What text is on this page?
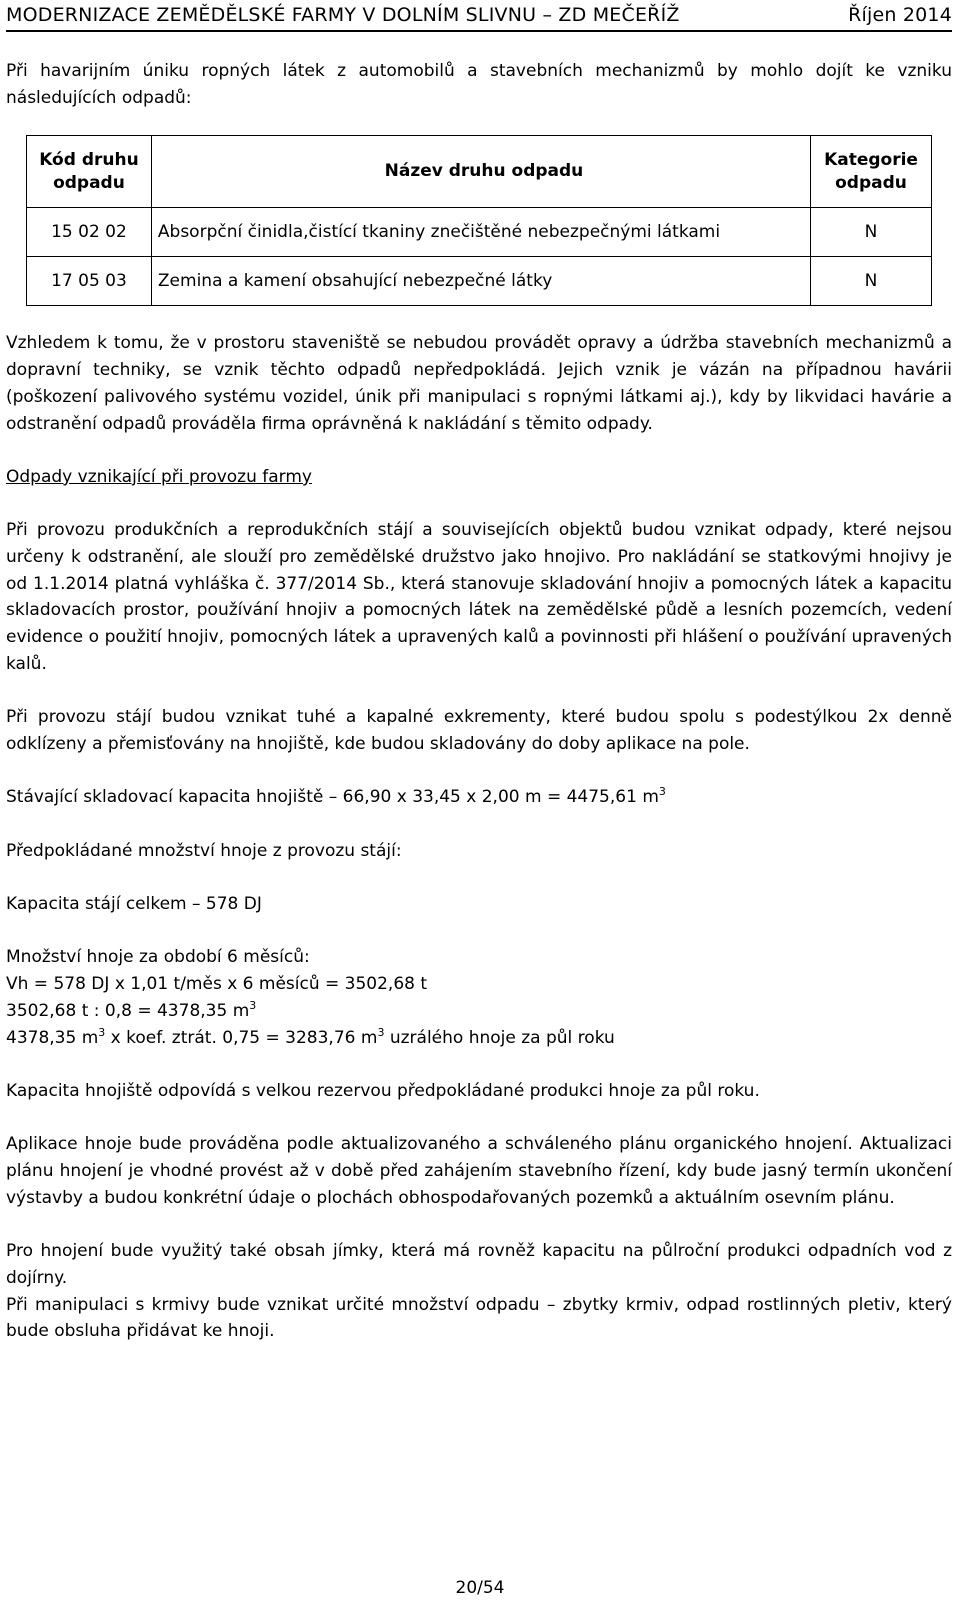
MODERNIZACE ZEMĚDĚLSKÉ FARMY V DOLNÍM SLIVNU – ZD MEČEŘÍŽ	Říjen 2014

Při havarijním úniku ropných látek z automobilů a stavebních mechanizmů by mohlo dojít ke vzniku následujících odpadů:

Kód druhu odpadu	Název druhu odpadu	Kategorie odpadu
15 02 02	Absorpční činidla,čistící tkaniny znečištěné nebezpečnými látkami	N
17 05 03	Zemina a kamení obsahující nebezpečné látky	N

Vzhledem k tomu, že v prostoru staveniště se nebudou provádět opravy a údržba stavebních mechanizmů a dopravní techniky, se vznik těchto odpadů nepředpokládá. Jejich vznik je vázán na případnou havárii (poškození palivového systému vozidel, únik při manipulaci s ropnými látkami aj.), kdy by likvidaci havárie a odstranění odpadů prováděla firma oprávněná k nakládání s těmito odpady.

Odpady vznikající při provozu farmy

Při provozu produkčních a reprodukčních stájí a souvisejících objektů budou vznikat odpady, které nejsou určeny k odstranění, ale slouží pro zemědělské družstvo jako hnojivo. Pro nakládání se statkovými hnojivy je od 1.1.2014 platná vyhláška č. 377/2014 Sb., která stanovuje skladování hnojiv a pomocných látek a kapacitu skladovacích prostor, používání hnojiv a pomocných látek na zemědělské půdě a lesních pozemcích, vedení evidence o použití hnojiv, pomocných látek a upravených kalů a povinnosti při hlášení o používání upravených kalů.

Při provozu stájí budou vznikat tuhé a kapalné exkrementy, které budou spolu s podestýlkou 2x denně odklízeny a přemisťovány na hnojiště, kde budou skladovány do doby aplikace na pole.

Stávající skladovací kapacita hnojiště – 66,90 x 33,45 x 2,00 m = 4475,61 $m^3$

Předpokládané množství hnoje z provozu stájí:

Kapacita stájí celkem – 578 DJ

Množství hnoje za období 6 měsíců:

Vh = 578 DJ x 1,01 t/měs x 6 měsíců = 3502,68 t

3502,68 t : 0,8 = 4378,35 $m^3$

4378,35 $m^3$ x koef. ztrát. 0,75 = 3283,76 $m^3$ uzrálého hnoje za půl roku

Kapacita hnojiště odpovídá s velkou rezervou předpokládané produkci hnoje za půl roku.

Aplikace hnoje bude prováděna podle aktualizovaného a schváleného plánu organického hnojení. Aktualizaci plánu hnojení je vhodné provést až v době před zahájením stavebního řízení, kdy bude jasný termín ukončení výstavby a budou konkrétní údaje o plochách obhospodařovaných pozemků a aktuálním osevním plánu.

Pro hnojení bude využitý také obsah jímky, která má rovněž kapacitu na půlroční produkci odpadních vod z dojírny.

Při manipulaci s krmivy bude vznikat určité množství odpadu – zbytky krmiv, odpad rostlinných pletiv, který bude obsluha přidávat ke hnoji.

20/54
